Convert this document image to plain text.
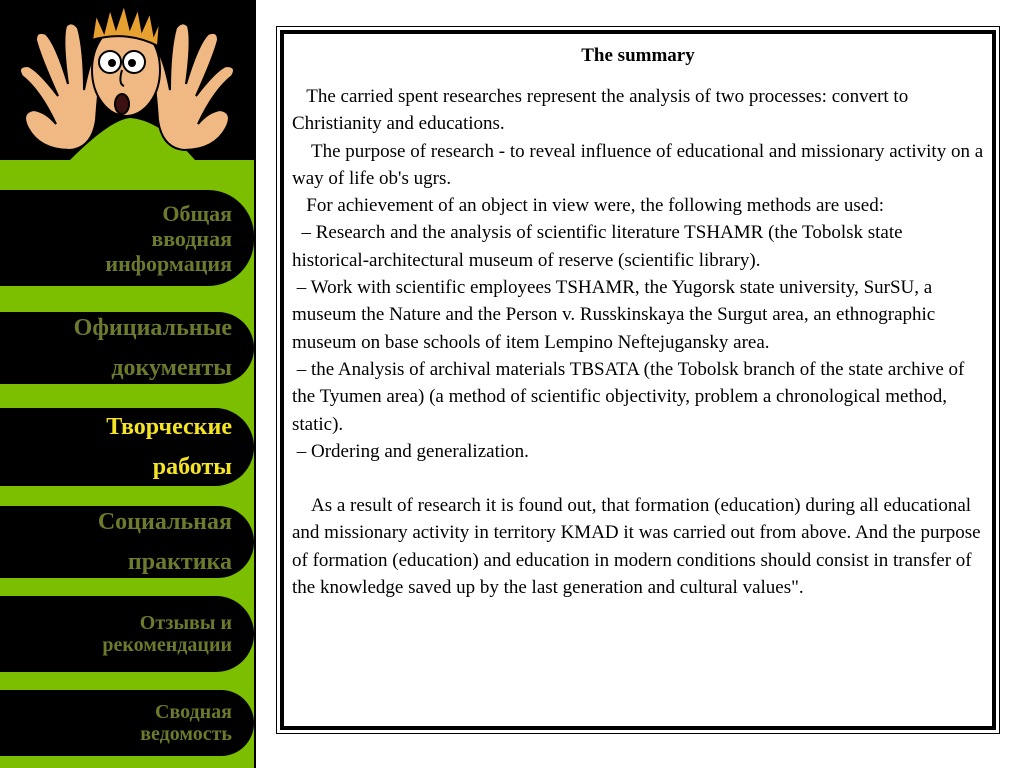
Общая
вводная
информация
Официальные
документы
Творческие
работы
Социальная
практика
Отзывы и
рекомендации
Сводная
ведомость
The summary

The carried spent researches represent the analysis of two processes: convert to Christianity and educations.

The purpose of research - to reveal influence of educational and missionary activity on a way of life ob's ugrs.

For achievement of an object in view were, the following methods are used:

– Research and the analysis of scientific literature TSHAMR (the Tobolsk state historical-architectural museum of reserve (scientific library).

– Work with scientific employees TSHAMR, the Yugorsk state university, SurSU, a museum the Nature and the Person v. Russkinskaya the Surgut area, an ethnographic museum on base schools of item Lempino Neftejugansky area.

– the Analysis of archival materials TBSATA (the Tobolsk branch of the state archive of the Tyumen area) (a method of scientific objectivity, problem a chronological method, static).

– Ordering and generalization.

As a result of research it is found out, that formation (education) during all educational and missionary activity in territory KMAD it was carried out from above. And the purpose of formation (education) and education in modern conditions should consist in transfer of the knowledge saved up by the last generation and cultural values".
